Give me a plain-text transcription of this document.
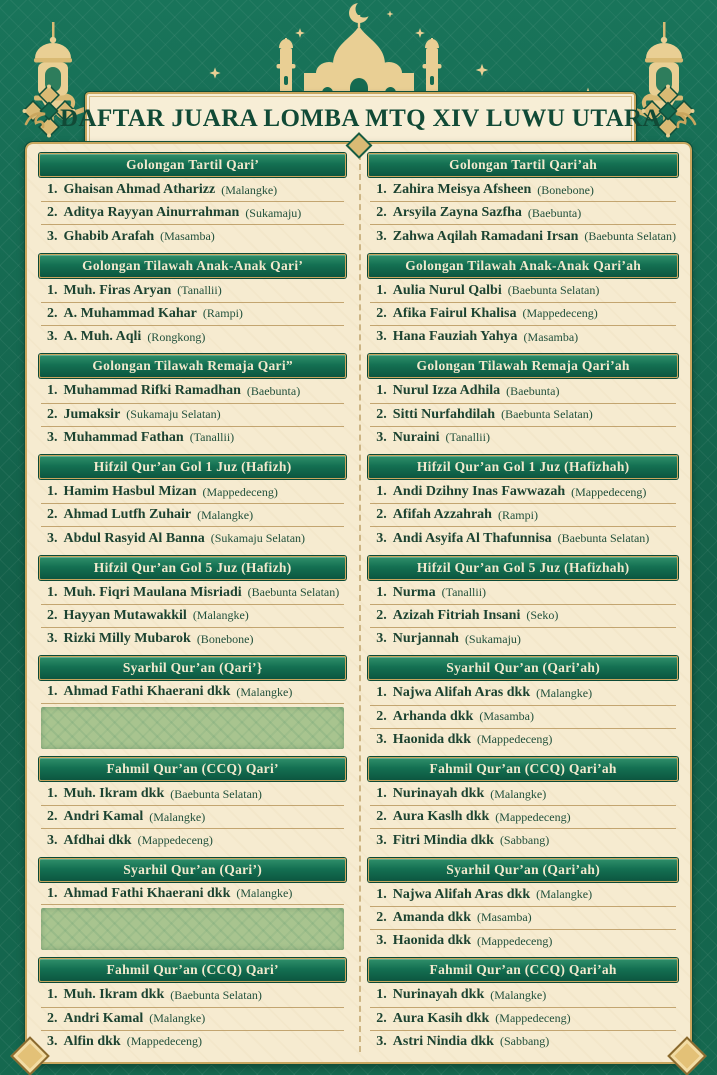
DAFTAR JUARA LOMBA MTQ XIV LUWU UTARA
Golongan Tartil Qari’
1. Ghaisan Ahmad Atharizz (Malangke)
2. Aditya Rayyan Ainurrahman (Sukamaju)
3. Ghabib Arafah (Masamba)
Golongan Tartil Qari’ah
1. Zahira Meisya Afsheen (Bonebone)
2. Arsyila Zayna Sazfha (Baebunta)
3. Zahwa Aqilah Ramadani Irsan (Baebunta Selatan)
Golongan Tilawah Anak-Anak Qari’
1. Muh. Firas Aryan (Tanallii)
2. A. Muhammad Kahar (Rampi)
3. A. Muh. Aqli (Rongkong)
Golongan Tilawah Anak-Anak Qari’ah
1. Aulia Nurul Qalbi (Baebunta Selatan)
2. Afika Fairul Khalisa (Mappedeceng)
3. Hana Fauziah Yahya (Masamba)
Golongan Tilawah Remaja Qari”
1. Muhammad Rifki Ramadhan (Baebunta)
2. Jumaksir (Sukamaju Selatan)
3. Muhammad Fathan (Tanallii)
Golongan Tilawah Remaja Qari’ah
1. Nurul Izza Adhila (Baebunta)
2. Sitti Nurfahdilah (Baebunta Selatan)
3. Nuraini (Tanallii)
Hifzil Qur’an Gol 1 Juz (Hafizh)
1. Hamim Hasbul Mizan (Mappedeceng)
2. Ahmad Lutfh Zuhair (Malangke)
3. Abdul Rasyid Al Banna (Sukamaju Selatan)
Hifzil Qur’an Gol 1 Juz (Hafizhah)
1. Andi Dzihny Inas Fawwazah (Mappedeceng)
2. Afifah Azzahrah (Rampi)
3. Andi Asyifa Al Thafunnisa (Baebunta Selatan)
Hifzil Qur’an Gol 5 Juz (Hafizh)
1. Muh. Fiqri Maulana Misriadi (Baebunta Selatan)
2. Hayyan Mutawakkil (Malangke)
3. Rizki Milly Mubarok (Bonebone)
Hifzil Qur’an Gol 5 Juz (Hafizhah)
1. Nurma (Tanallii)
2. Azizah Fitriah Insani (Seko)
3. Nurjannah (Sukamaju)
Syarhil Qur’an (Qari’}
1. Ahmad Fathi Khaerani dkk (Malangke)
Syarhil Qur’an (Qari’ah)
1. Najwa Alifah Aras dkk (Malangke)
2. Arhanda dkk (Masamba)
3. Haonida dkk (Mappedeceng)
Fahmil Qur’an (CCQ) Qari’
1. Muh. Ikram dkk (Baebunta Selatan)
2. Andri Kamal (Malangke)
3. Afdhai dkk (Mappedeceng)
Fahmil Qur’an (CCQ) Qari’ah
1. Nurinayah dkk (Malangke)
2. Aura Kaslh dkk (Mappedeceng)
3. Fitri Mindia dkk (Sabbang)
Syarhil Qur’an (Qari’)
1. Ahmad Fathi Khaerani dkk (Malangke)
Syarhil Qur’an (Qari’ah)
1. Najwa Alifah Aras dkk (Malangke)
2. Amanda dkk (Masamba)
3. Haonida dkk (Mappedeceng)
Fahmil Qur’an (CCQ) Qari’
1. Muh. Ikram dkk (Baebunta Selatan)
2. Andri Kamal (Malangke)
3. Alfin dkk (Mappedeceng)
Fahmil Qur’an (CCQ) Qari’ah
1. Nurinayah dkk (Malangke)
2. Aura Kasih dkk (Mappedeceng)
3. Astri Nindia dkk (Sabbang)
